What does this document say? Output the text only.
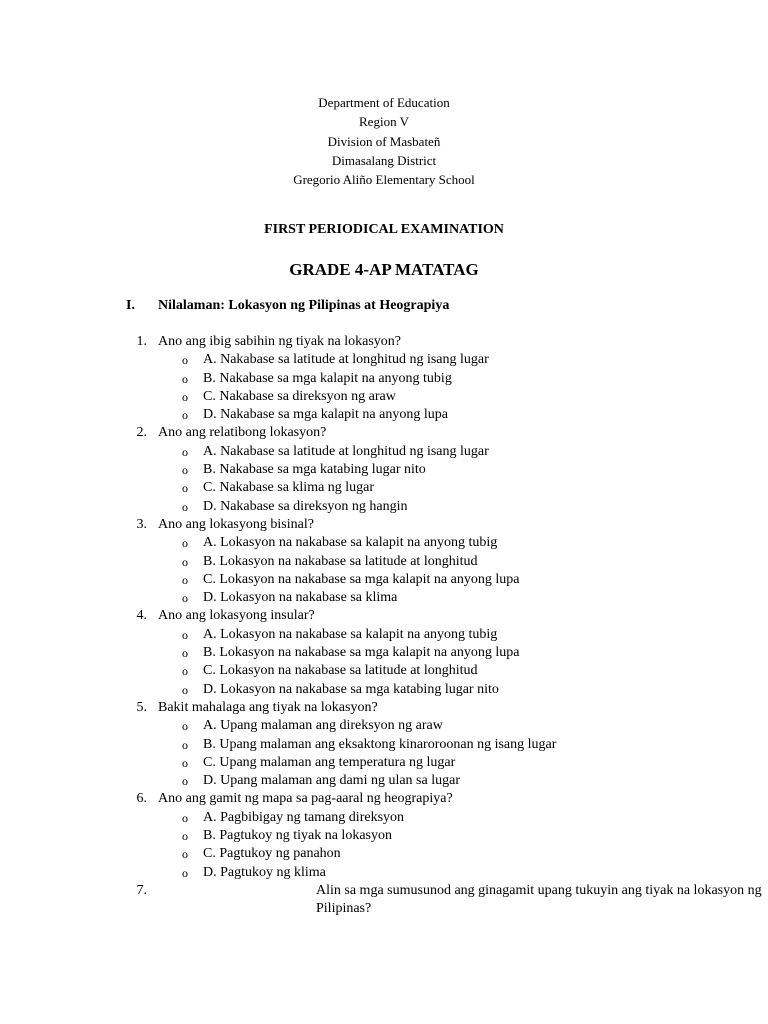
Department of Education
Region V
Division of Masbateñ
Dimasalang District
Gregorio Aliño Elementary School
FIRST PERIODICAL EXAMINATION
GRADE 4-AP MATATAG
I. Nilalaman: Lokasyon ng Pilipinas at Heograpiya
1. Ano ang ibig sabihin ng tiyak na lokasyon?
o A. Nakabase sa latitude at longhitud ng isang lugar
o B. Nakabase sa mga kalapit na anyong tubig
o C. Nakabase sa direksyon ng araw
o D. Nakabase sa mga kalapit na anyong lupa
2. Ano ang relatibong lokasyon?
o A. Nakabase sa latitude at longhitud ng isang lugar
o B. Nakabase sa mga katabing lugar nito
o C. Nakabase sa klima ng lugar
o D. Nakabase sa direksyon ng hangin
3. Ano ang lokasyong bisinal?
o A. Lokasyon na nakabase sa kalapit na anyong tubig
o B. Lokasyon na nakabase sa latitude at longhitud
o C. Lokasyon na nakabase sa mga kalapit na anyong lupa
o D. Lokasyon na nakabase sa klima
4. Ano ang lokasyong insular?
o A. Lokasyon na nakabase sa kalapit na anyong tubig
o B. Lokasyon na nakabase sa mga kalapit na anyong lupa
o C. Lokasyon na nakabase sa latitude at longhitud
o D. Lokasyon na nakabase sa mga katabing lugar nito
5. Bakit mahalaga ang tiyak na lokasyon?
o A. Upang malaman ang direksyon ng araw
o B. Upang malaman ang eksaktong kinaroroonan ng isang lugar
o C. Upang malaman ang temperatura ng lugar
o D. Upang malaman ang dami ng ulan sa lugar
6. Ano ang gamit ng mapa sa pag-aaral ng heograpiya?
o A. Pagbibigay ng tamang direksyon
o B. Pagtukoy ng tiyak na lokasyon
o C. Pagtukoy ng panahon
o D. Pagtukoy ng klima
7.	Alin sa mga sumusunod ang ginagamit upang tukuyin ang tiyak na lokasyon ng Pilipinas?
